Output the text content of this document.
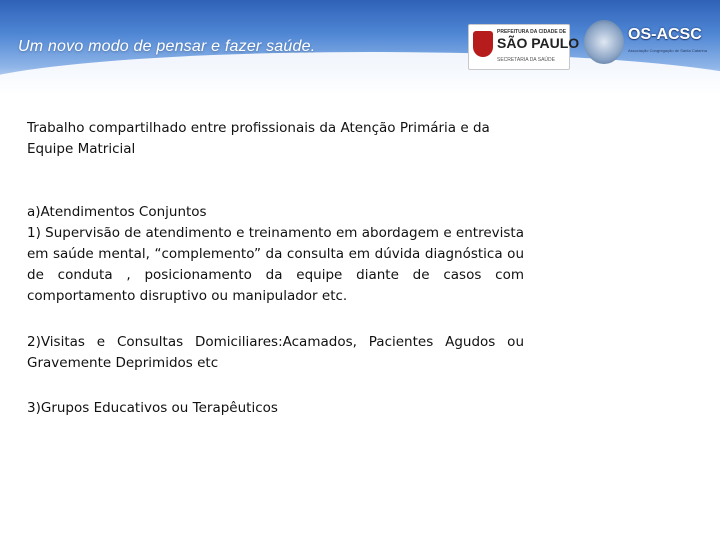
Um novo modo de pensar e fazer saúde.
PREFEITURA DA CIDADE DE
SÃO PAULO
SECRETARIA DA SAÚDE
OS-ACSC
Associação Congregação de Santa Catarina

Trabalho compartilhado entre profissionais da Atenção Primária e da Equipe Matricial

a)Atendimentos Conjuntos

1) Supervisão de atendimento e treinamento em abordagem e entrevista em saúde mental, “complemento” da consulta em dúvida diagnóstica ou de conduta , posicionamento da equipe diante de casos com comportamento disruptivo ou manipulador etc.

2)Visitas e Consultas Domiciliares:Acamados, Pacientes Agudos ou Gravemente Deprimidos etc

3)Grupos Educativos ou Terapêuticos
